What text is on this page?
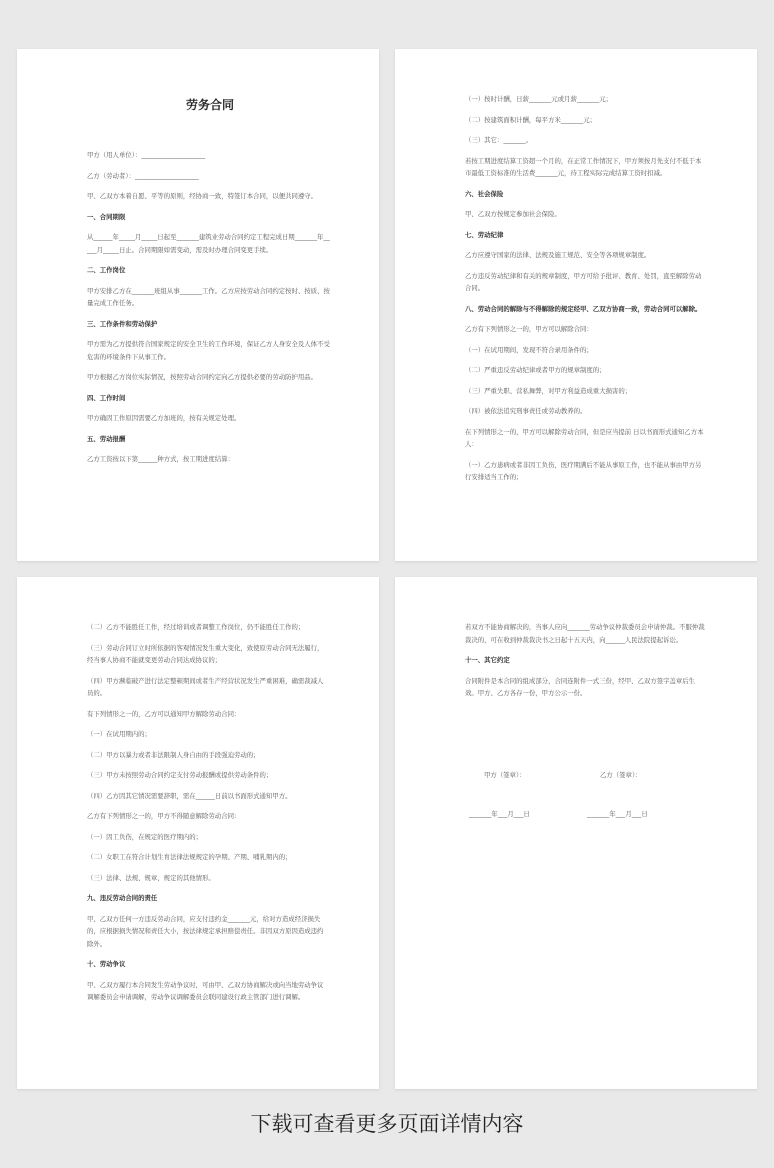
劳务合同
甲方（用人单位）：____________________
乙方（劳动者）：____________________
甲、乙双方本着自愿、平等的原则，经协商一致，特签订本合同，以便共同遵守。
一、合同期限
从______年_____月_____日起至_______建筑业劳动合同约定工程完成日期_______年_____月_____日止。合同期限如需变动，需及时办理合同变更手续。
二、工作岗位
甲方安排乙方在_______班组从事_______工作。乙方应按劳动合同约定按时、按质、按量完成工作任务。
三、工作条件和劳动保护
甲方需为乙方提供符合国家规定的安全卫生的工作环境，保证乙方人身安全及人体不受危害的环境条件下从事工作。
甲方根据乙方岗位实际情况，按照劳动合同约定向乙方提供必要的劳动防护用品。
四、工作时间
甲方确因工作原因需要乙方加班的，按有关规定处理。
五、劳动报酬
乙方工资按以下第______种方式，按工期进度结算：
（一）按时计酬，日薪_______元或月薪_______元；
（二）按建筑面积计酬，每平方米_______元；
（三）其它：_______。
若按工期进度结算工资超一个月的，在正常工作情况下，甲方须按月先支付不低于本市最低工资标准的生活费_______元，待工程实际完成结算工资时扣减。
六、社会保险
甲、乙双方按规定参加社会保险。
七、劳动纪律
乙方应遵守国家的法律、法规及施工规范、安全等各项规章制度。
乙方违反劳动纪律和有关的规章制度，甲方可给予批评、教育、处罚，直至解除劳动合同。
八、劳动合同的解除与不得解除的规定经甲、乙双方协商一致，劳动合同可以解除。
乙方有下列情形之一的，甲方可以解除合同：
（一）在试用期间，发现不符合录用条件的；
（二）严重违反劳动纪律或者甲方的规章制度的；
（三）严重失职、营私舞弊，对甲方利益造成重大损害的；
（四）被依法追究刑事责任或劳动教养的。
在下列情形之一的，甲方可以解除劳动合同，但是应当提前 日以书面形式通知乙方本人：
（一）乙方患病或者非因工负伤，医疗期满后不能从事原工作，也不能从事由甲方另行安排适当工作的；
（二）乙方不能胜任工作，经过培训或者调整工作岗位，仍不能胜任工作的；
（三）劳动合同订立时所依据的客观情况发生重大变化，致使原劳动合同无法履行，经当事人协商不能就变更劳动合同达成协议的；
（四）甲方濒临破产进行法定整顿期间或者生产经营状况发生严重困难，确需裁减人员的。
有下列情形之一的，乙方可以通知甲方解除劳动合同：
（一）在试用期内的；
（二）甲方以暴力或者非法限制人身自由的手段强迫劳动的；
（三）甲方未按照劳动合同约定支付劳动报酬或提供劳动条件的；
（四）乙方因其它情况需要辞职，需在______日前以书面形式通知甲方。
乙方有下列情形之一的，甲方不得随意解除劳动合同：
（一）因工负伤，在规定的医疗期内的；
（二）女职工在符合计划生育法律法规规定的孕期、产期、哺乳期内的；
（三）法律、法规、规章、规定的其他情形。
九、违反劳动合同的责任
甲、乙双方任何一方违反劳动合同，应支付违约金_______元，给对方造成经济损失的，应根据损失情况和责任大小，按法律规定承担赔偿责任。非因双方原因造成违约除外。
十、劳动争议
甲、乙双方履行本合同发生劳动争议时，可由甲、乙双方协商解决或向当地劳动争议调解委员会申请调解，劳动争议调解委员会联同建设行政主管部门进行调解。
若双方不能协商解决的，当事人应向_______劳动争议仲裁委员会申请仲裁。不服仲裁裁决的，可在收到仲裁裁决书之日起十五天内，向______人民法院提起诉讼。
十一、其它约定
合同附件是本合同的组成部分，合同连附件一式三份，经甲、乙双方签字盖章后生效。甲方、乙方各存一份，甲方公示一份。
甲方（签章）：	乙方（签章）：
_______年___月___日	_______年___月___日
下载可查看更多页面详情内容
